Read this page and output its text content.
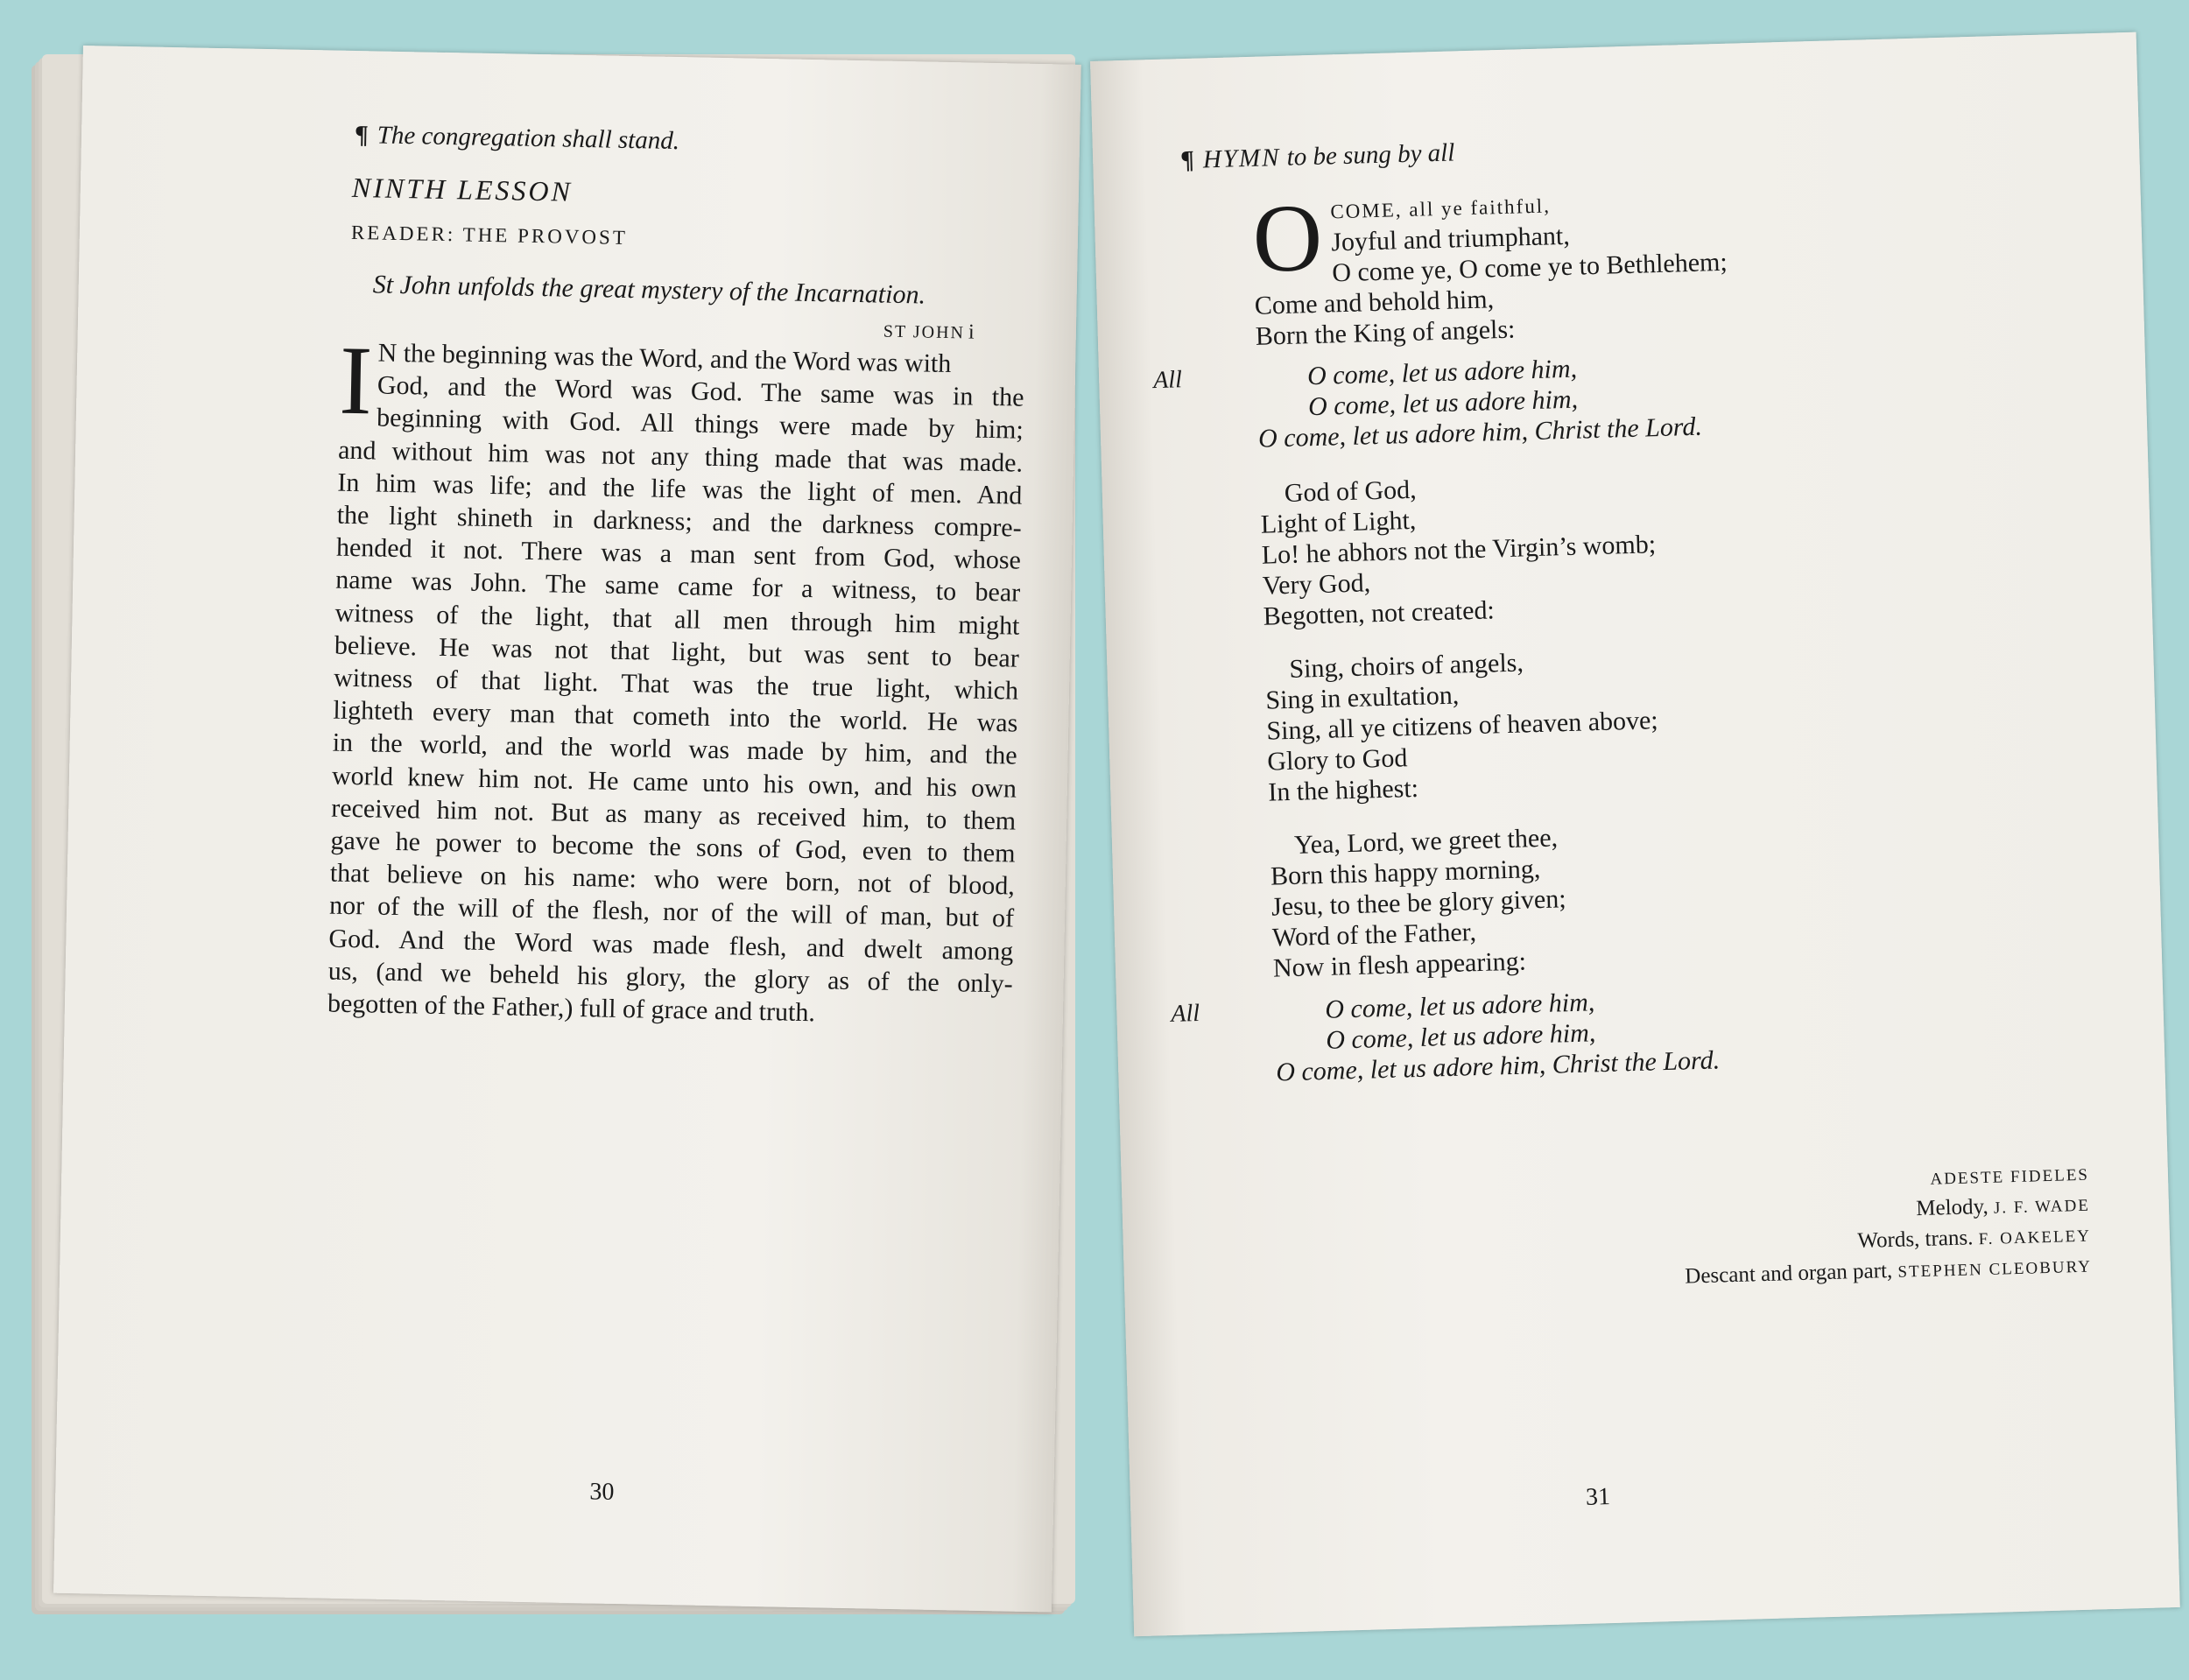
¶ The congregation shall stand.
NINTH LESSON
READER: THE PROVOST
St John unfolds the great mystery of the Incarnation.
ST JOHN i
I N the beginning was the Word, and the Word was with
God, and the Word was God. The same was in the
beginning with God. All things were made by him;
and without him was not any thing made that was made.
In him was life; and the life was the light of men. And
the light shineth in darkness; and the darkness compre-
hended it not. There was a man sent from God, whose
name was John. The same came for a witness, to bear
witness of the light, that all men through him might
believe. He was not that light, but was sent to bear
witness of that light. That was the true light, which
lighteth every man that cometh into the world. He was
in the world, and the world was made by him, and the
world knew him not. He came unto his own, and his own
received him not. But as many as received him, to them
gave he power to become the sons of God, even to them
that believe on his name: who were born, not of blood,
nor of the will of the flesh, nor of the will of man, but of
God. And the Word was made flesh, and dwelt among
us, (and we beheld his glory, the glory as of the only-
begotten of the Father,) full of grace and truth.
30
¶ HYMN to be sung by all
O COME, all ye faithful,
Joyful and triumphant,
O come ye, O come ye to Bethlehem;
Come and behold him,
Born the King of angels:
All	O come, let us adore him,
O come, let us adore him,
O come, let us adore him, Christ the Lord.
God of God,
Light of Light,
Lo! he abhors not the Virgin’s womb;
Very God,
Begotten, not created:
Sing, choirs of angels,
Sing in exultation,
Sing, all ye citizens of heaven above;
Glory to God
In the highest:
Yea, Lord, we greet thee,
Born this happy morning,
Jesu, to thee be glory given;
Word of the Father,
Now in flesh appearing:
All	O come, let us adore him,
O come, let us adore him,
O come, let us adore him, Christ the Lord.
ADESTE FIDELES
Melody, J. F. WADE
Words, trans. F. OAKELEY
Descant and organ part, STEPHEN CLEOBURY
31
